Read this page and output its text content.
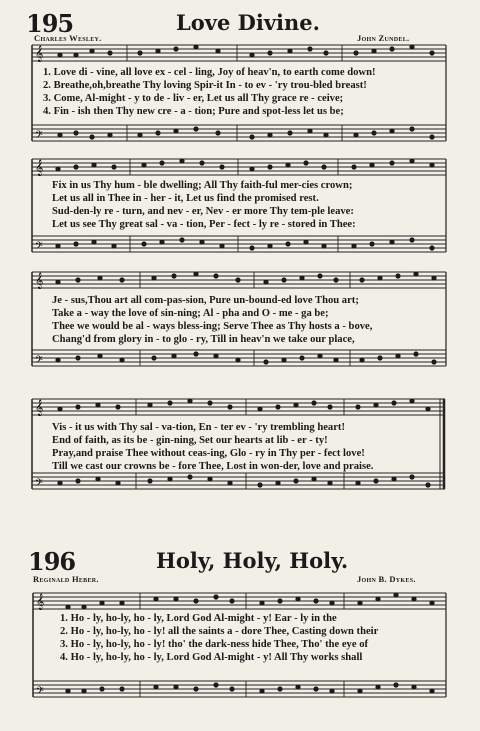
195	Love Divine.
Charles Wesley.	John Zundel.
𝄞
𝄢
1. Love di - vine, all love ex - cel - ling, Joy of heav'n, to earth come down!
2. Breathe,oh,breathe Thy loving Spir-it In - to ev - 'ry trou-bled breast!
3. Come, Al-might - y to de - liv - er, Let us all Thy grace re - ceive;
4. Fin - ish then Thy new cre - a - tion; Pure and spot-less let us be;
𝄞
𝄢
Fix in us Thy hum - ble dwelling; All Thy faith-ful mer-cies crown;
Let us all in Thee in - her - it, Let us find the promised rest.
Sud-den-ly re - turn, and nev - er, Nev - er more Thy tem-ple leave:
Let us see Thy great sal - va - tion, Per - fect - ly re - stored in Thee:
𝄞
𝄢
Je - sus,Thou art all com-pas-sion, Pure un-bound-ed love Thou art;
Take a - way the love of sin-ning; Al - pha and O - me - ga be;
Thee we would be al - ways bless-ing; Serve Thee as Thy hosts a - bove,
Chang'd from glory in - to glo - ry, Till in heav'n we take our place,
𝄞
𝄢
Vis - it us with Thy sal - va-tion, En - ter ev - 'ry trembling heart!
End of faith, as its be - gin-ning, Set our hearts at lib - er - ty!
Pray,and praise Thee without ceas-ing, Glo - ry in Thy per - fect love!
Till we cast our crowns be - fore Thee, Lost in won-der, love and praise.
196	Holy, Holy, Holy.
Reginald Heber.	John B. Dykes.
𝄞
𝄢
1. Ho - ly, ho-ly, ho - ly, Lord God Al-might - y! Ear - ly in the
2. Ho - ly, ho-ly, ho - ly! all the saints a - dore Thee, Casting down their
3. Ho - ly, ho-ly, ho - ly! tho' the dark-ness hide Thee, Tho' the eye of
4. Ho - ly, ho-ly, ho - ly, Lord God Al-might - y! All Thy works shall
